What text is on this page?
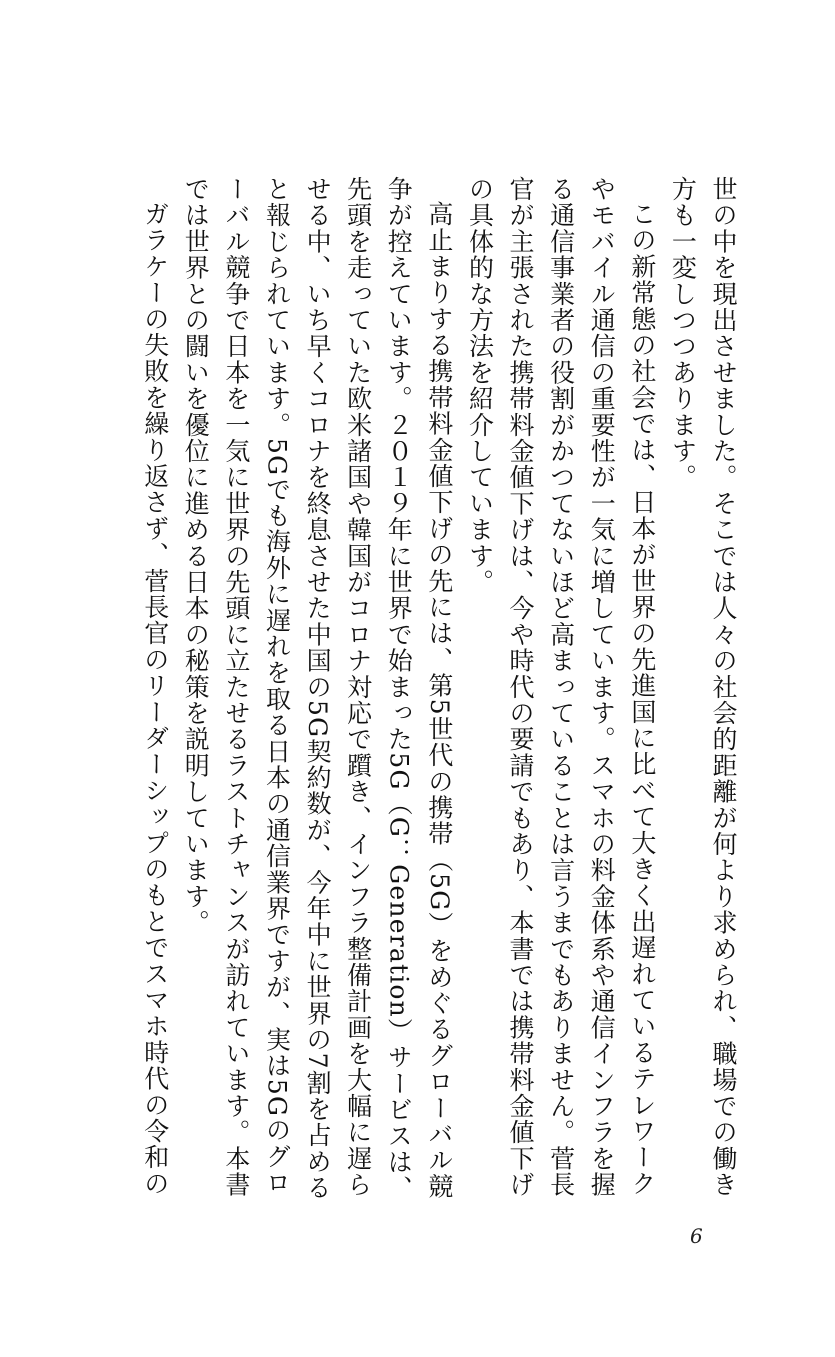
世の中を現出させました。そこでは人々の社会的距離が何より求められ、職場での働き方も一変しつつあります。

この新常態の社会では、日本が世界の先進国に比べて大きく出遅れているテレワークやモバイル通信の重要性が一気に増しています。スマホの料金体系や通信インフラを握る通信事業者の役割がかつてないほど高まっていることは言うまでもありません。菅長官が主張された携帯料金値下げは、今や時代の要請でもあり、本書では携帯料金値下げの具体的な方法を紹介しています。

高止まりする携帯料金値下げの先には、第5世代の携帯（5G）をめぐるグローバル競争が控えています。２０１９年に世界で始まった5G（G：Generation）サービスは、先頭を走っていた欧米諸国や韓国がコロナ対応で躓き、インフラ整備計画を大幅に遅らせる中、いち早くコロナを終息させた中国の5G契約数が、今年中に世界の7割を占めると報じられています。5Gでも海外に遅れを取る日本の通信業界ですが、実は5Gのグローバル競争で日本を一気に世界の先頭に立たせるラストチャンスが訪れています。本書では世界との闘いを優位に進める日本の秘策を説明しています。

ガラケーの失敗を繰り返さず、菅長官のリーダーシップのもとでスマホ時代の令和の

6
